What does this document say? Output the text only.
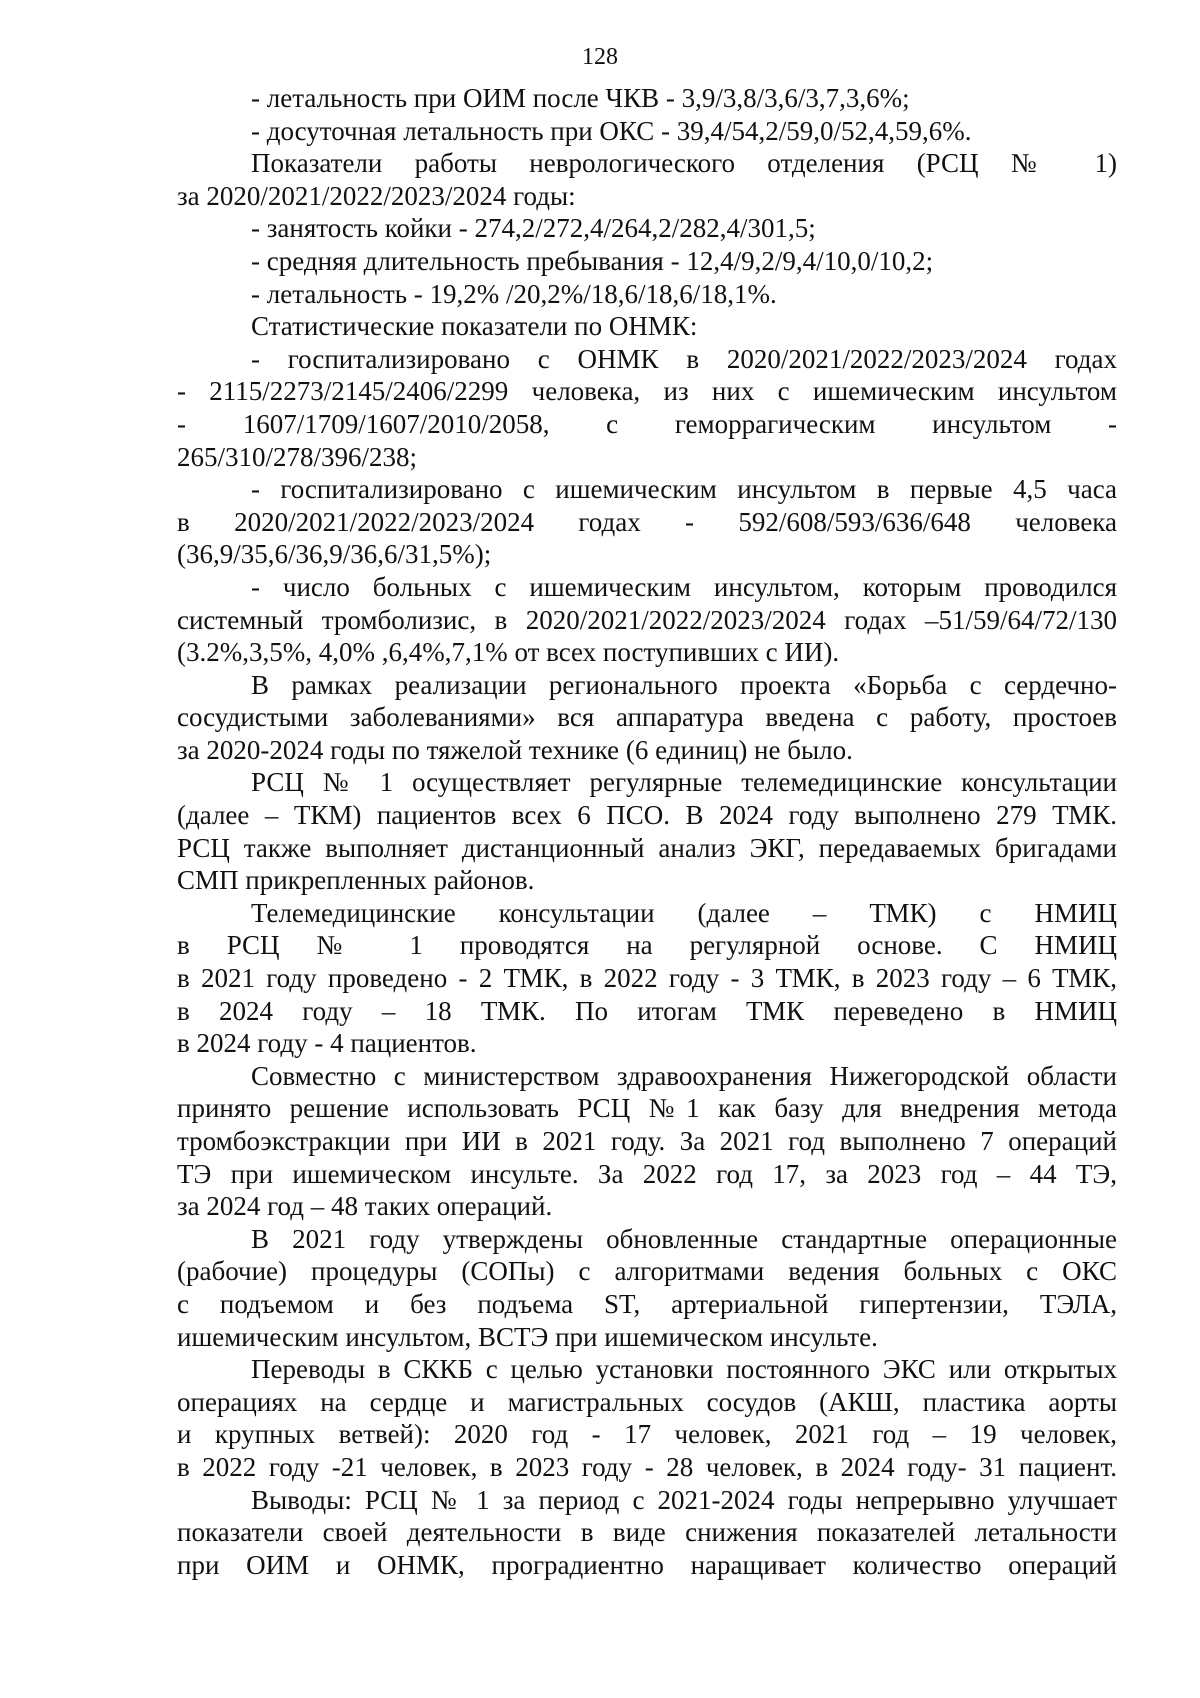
128
- летальность при ОИМ после ЧКВ - 3,9/3,8/3,6/3,7,3,6%;
- досуточная летальность при ОКС - 39,4/54,2/59,0/52,4,59,6%.
Показатели работы неврологического отделения (РСЦ № 1)
за 2020/2021/2022/2023/2024 годы:
- занятость койки - 274,2/272,4/264,2/282,4/301,5;
- средняя длительность пребывания - 12,4/9,2/9,4/10,0/10,2;
- летальность - 19,2% /20,2%/18,6/18,6/18,1%.
Статистические показатели по ОНМК:
- госпитализировано с ОНМК в 2020/2021/2022/2023/2024 годах
- 2115/2273/2145/2406/2299 человека, из них с ишемическим инсультом
- 1607/1709/1607/2010/2058, с геморрагическим инсультом -
265/310/278/396/238;
- госпитализировано с ишемическим инсультом в первые 4,5 часа
в 2020/2021/2022/2023/2024 годах - 592/608/593/636/648 человека
(36,9/35,6/36,9/36,6/31,5%);
- число больных с ишемическим инсультом, которым проводился
системный тромболизис, в 2020/2021/2022/2023/2024 годах –51/59/64/72/130
(3.2%,3,5%, 4,0% ,6,4%,7,1% от всех поступивших с ИИ).
В рамках реализации регионального проекта «Борьба с сердечно-
сосудистыми заболеваниями» вся аппаратура введена с работу, простоев
за 2020-2024 годы по тяжелой технике (6 единиц) не было.
РСЦ № 1 осуществляет регулярные телемедицинские консультации
(далее – ТКМ) пациентов всех 6 ПСО. В 2024 году выполнено 279 ТМК.
РСЦ также выполняет дистанционный анализ ЭКГ, передаваемых бригадами
СМП прикрепленных районов.
Телемедицинские консультации (далее – ТМК) с НМИЦ
в РСЦ № 1 проводятся на регулярной основе. С НМИЦ
в 2021 году проведено - 2 ТМК, в 2022 году - 3 ТМК, в 2023 году – 6 ТМК,
в 2024 году – 18 ТМК. По итогам ТМК переведено в НМИЦ
в 2024 году - 4 пациентов.
Совместно с министерством здравоохранения Нижегородской области
принято решение использовать РСЦ №1 как базу для внедрения метода
тромбоэкстракции при ИИ в 2021 году. За 2021 год выполнено 7 операций
ТЭ при ишемическом инсульте. За 2022 год 17, за 2023 год – 44 ТЭ,
за 2024 год – 48 таких операций.
В 2021 году утверждены обновленные стандартные операционные
(рабочие) процедуры (СОПы) с алгоритмами ведения больных с ОКС
с подъемом и без подъема ST, артериальной гипертензии, ТЭЛА,
ишемическим инсультом, ВСТЭ при ишемическом инсульте.
Переводы в СККБ с целью установки постоянного ЭКС или открытых
операциях на сердце и магистральных сосудов (АКШ, пластика аорты
и крупных ветвей): 2020 год - 17 человек, 2021 год – 19 человек,
в 2022 году -21 человек, в 2023 году - 28 человек, в 2024 году- 31 пациент.
Выводы: РСЦ № 1 за период с 2021-2024 годы непрерывно улучшает
показатели своей деятельности в виде снижения показателей летальности
при ОИМ и ОНМК, проградиентно наращивает количество операций
